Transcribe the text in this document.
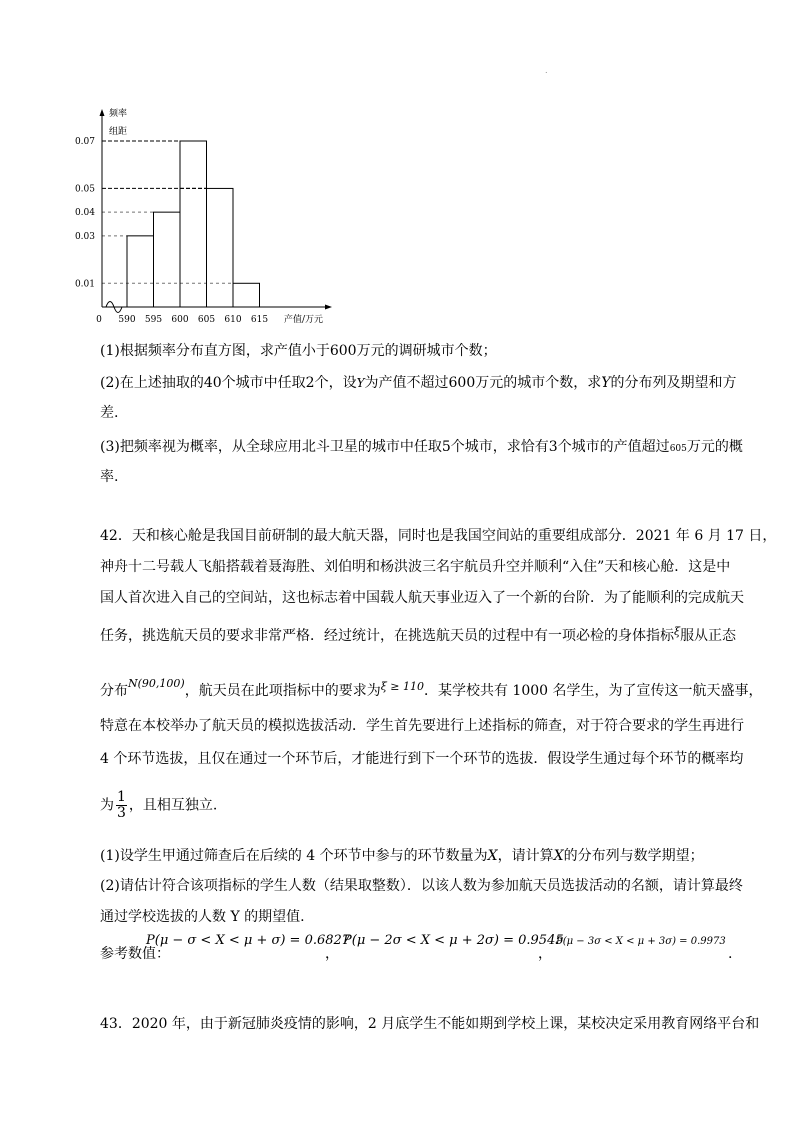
.
频率
组距
0
0.01
0.03
0.04
0.05
0.07
590 595 600 605 610 615 产值/万元
(1)根据频率分布直方图，求产值小于600万元的调研城市个数；
(2)在上述抽取的40个城市中任取2个，设Y为产值不超过600万元的城市个数，求Y的分布列及期望和方
差.
(3)把频率视为概率，从全球应用北斗卫星的城市中任取5个城市，求恰有3个城市的产值超过605万元的概
率.
42．天和核心舱是我国目前研制的最大航天器，同时也是我国空间站的重要组成部分．2021 年 6 月 17 日，
神舟十二号载人飞船搭载着聂海胜、刘伯明和杨洪波三名宇航员升空并顺利“入住”天和核心舱．这是中
国人首次进入自己的空间站，这也标志着中国载人航天事业迈入了一个新的台阶．为了能顺利的完成航天
任务，挑选航天员的要求非常严格．经过统计，在挑选航天员的过程中有一项必检的身体指标$^\xi$服从正态
分布$^{N(90,100)}$，航天员在此项指标中的要求为$^{\xi \ge 110}$．某学校共有 1000 名学生，为了宣传这一航天盛事，
特意在本校举办了航天员的模拟选拔活动．学生首先要进行上述指标的筛查，对于符合要求的学生再进行
4 个环节选拔，且仅在通过一个环节后，才能进行到下一个环节的选拔．假设学生通过每个环节的概率均
为 $\frac{1}{3}$ ，且相互独立.
(1)设学生甲通过筛查后在后续的 4 个环节中参与的环节数量为X，请计算X的分布列与数学期望；
(2)请估计符合该项指标的学生人数（结果取整数）．以该人数为参加航天员选拔活动的名额，请计算最终
通过学校选拔的人数 Y 的期望值.
参考数值：
P(μ − σ < X < μ + σ) = 0.6827
，
P(μ − 2σ < X < μ + 2σ) = 0.9545
，
P(μ − 3σ < X < μ + 3σ) = 0.9973
.
43．2020 年，由于新冠肺炎疫情的影响，2 月底学生不能如期到学校上课，某校决定采用教育网络平台和
